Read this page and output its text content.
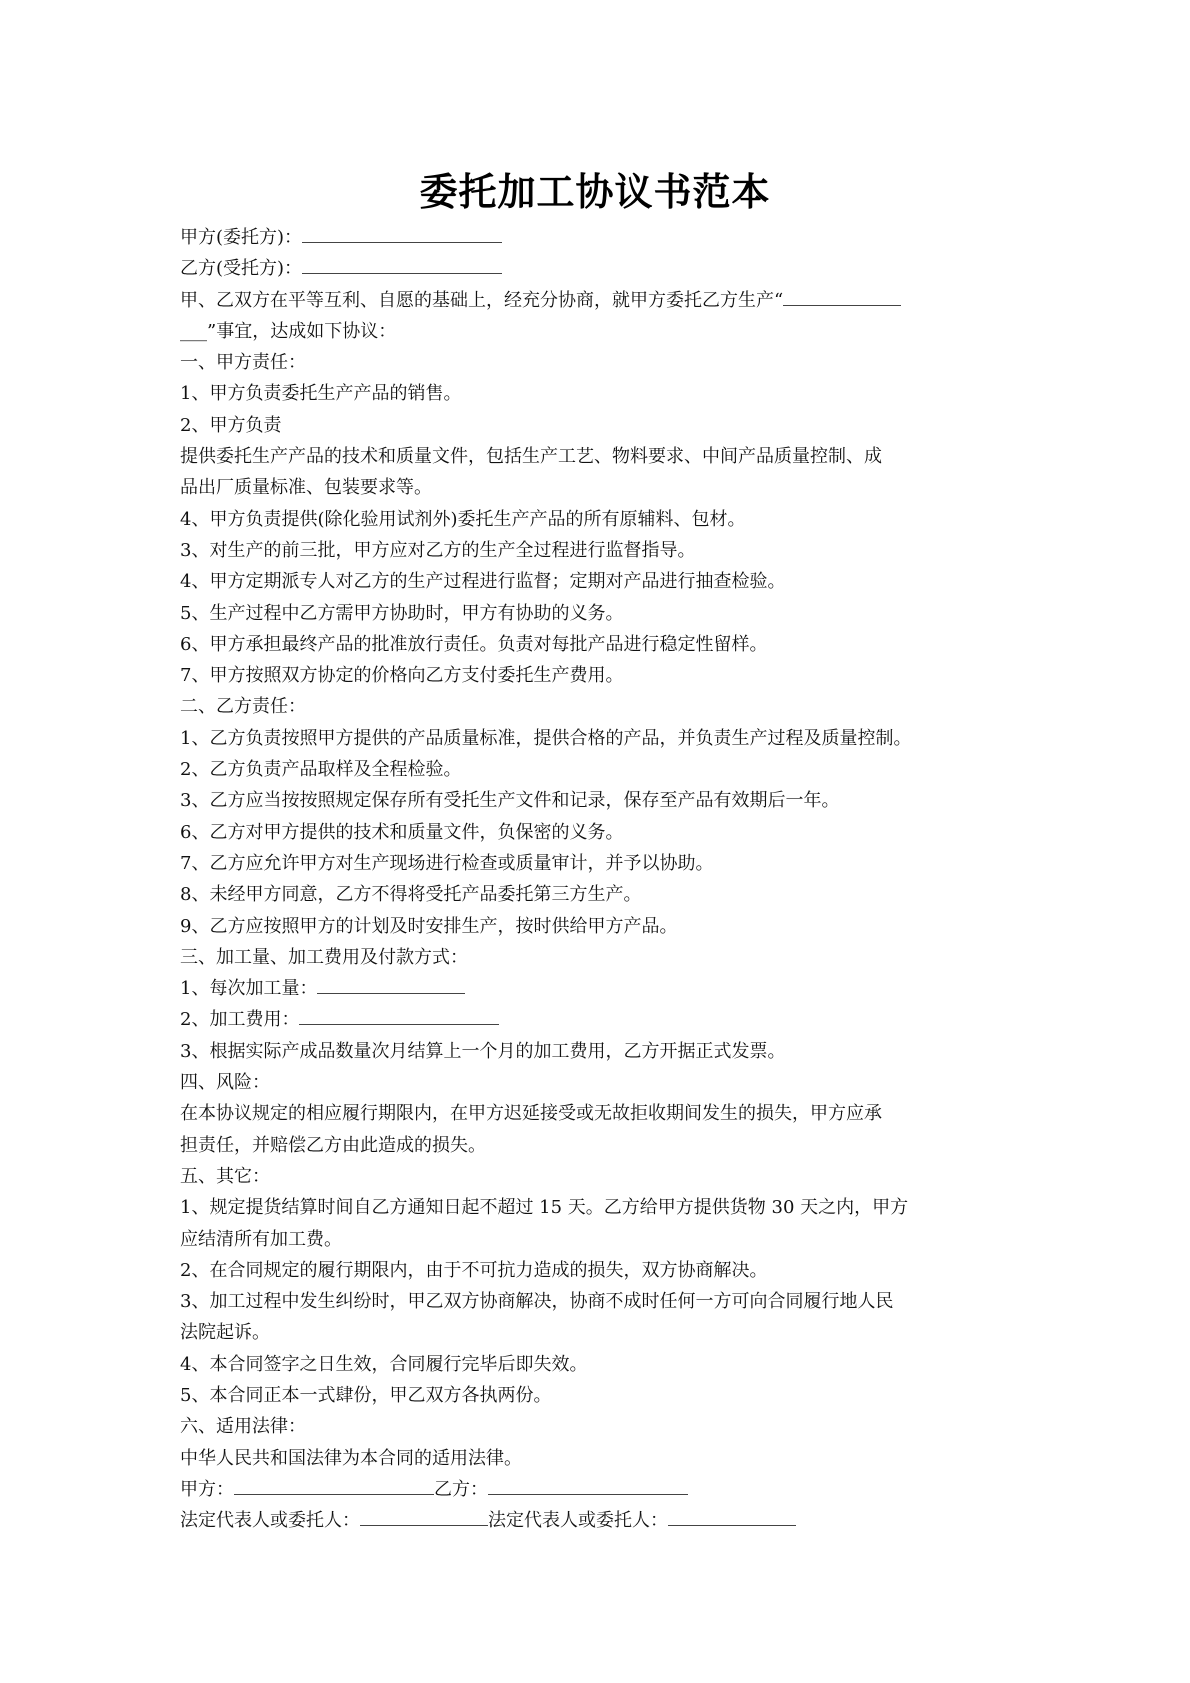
委托加工协议书范本
甲方(委托方)：
乙方(受托方)：
甲、乙双方在平等互利、自愿的基础上，经充分协商，就甲方委托乙方生产“
___”事宜，达成如下协议：
一、甲方责任：
1、甲方负责委托生产产品的销售。
2、甲方负责
提供委托生产产品的技术和质量文件，包括生产工艺、物料要求、中间产品质量控制、成
品出厂质量标准、包装要求等。
4、甲方负责提供(除化验用试剂外)委托生产产品的所有原辅料、包材。
3、对生产的前三批，甲方应对乙方的生产全过程进行监督指导。
4、甲方定期派专人对乙方的生产过程进行监督；定期对产品进行抽查检验。
5、生产过程中乙方需甲方协助时，甲方有协助的义务。
6、甲方承担最终产品的批准放行责任。负责对每批产品进行稳定性留样。
7、甲方按照双方协定的价格向乙方支付委托生产费用。
二、乙方责任：
1、乙方负责按照甲方提供的产品质量标准，提供合格的产品，并负责生产过程及质量控制。
2、乙方负责产品取样及全程检验。
3、乙方应当按按照规定保存所有受托生产文件和记录，保存至产品有效期后一年。
6、乙方对甲方提供的技术和质量文件，负保密的义务。
7、乙方应允许甲方对生产现场进行检查或质量审计，并予以协助。
8、未经甲方同意，乙方不得将受托产品委托第三方生产。
9、乙方应按照甲方的计划及时安排生产，按时供给甲方产品。
三、加工量、加工费用及付款方式：
1、每次加工量：
2、加工费用：
3、根据实际产成品数量次月结算上一个月的加工费用，乙方开据正式发票。
四、风险：
在本协议规定的相应履行期限内，在甲方迟延接受或无故拒收期间发生的损失，甲方应承
担责任，并赔偿乙方由此造成的损失。
五、其它：
1、规定提货结算时间自乙方通知日起不超过 15 天。乙方给甲方提供货物 30 天之内，甲方
应结清所有加工费。
2、在合同规定的履行期限内，由于不可抗力造成的损失，双方协商解决。
3、加工过程中发生纠纷时，甲乙双方协商解决，协商不成时任何一方可向合同履行地人民
法院起诉。
4、本合同签字之日生效，合同履行完毕后即失效。
5、本合同正本一式肆份，甲乙双方各执两份。
六、适用法律：
中华人民共和国法律为本合同的适用法律。
甲方：	乙方：
法定代表人或委托人：	法定代表人或委托人：
